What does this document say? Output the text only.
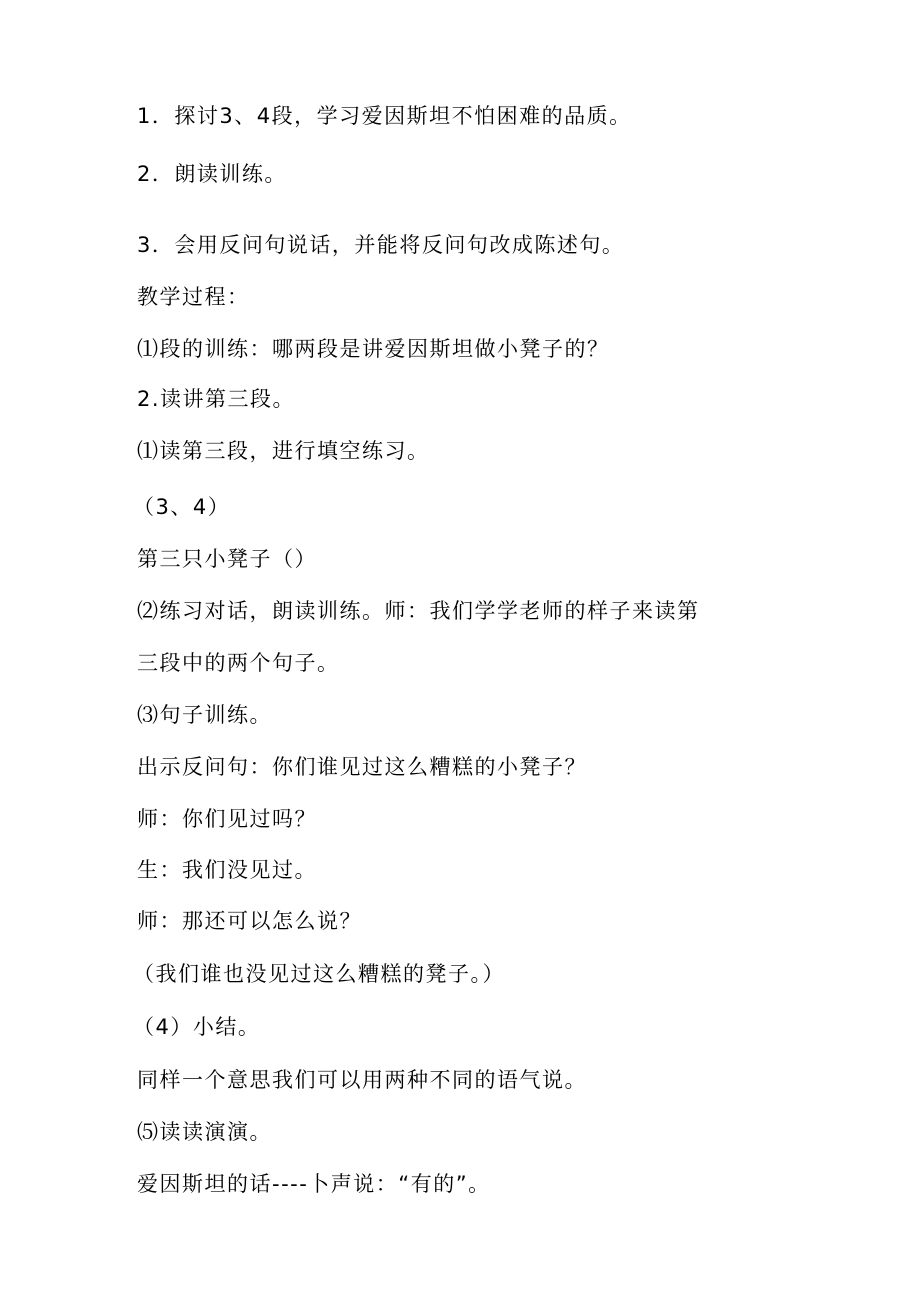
1．探讨3、4段，学习爱因斯坦不怕困难的品质。
2．朗读训练。
3．会用反问句说话，并能将反问句改成陈述句。
教学过程：
⑴段的训练：哪两段是讲爱因斯坦做小凳子的？
2.读讲第三段。
⑴读第三段，进行填空练习。
（3、4）
第三只小凳子（）
⑵练习对话，朗读训练。师：我们学学老师的样子来读第
三段中的两个句子。
⑶句子训练。
出示反问句：你们谁见过这么糟糕的小凳子？
师：你们见过吗？
生：我们没见过。
师：那还可以怎么说？
（我们谁也没见过这么糟糕的凳子。）
（4）小结。
同样一个意思我们可以用两种不同的语气说。
⑸读读演演。
爱因斯坦的话----卜声说：“有的”。
